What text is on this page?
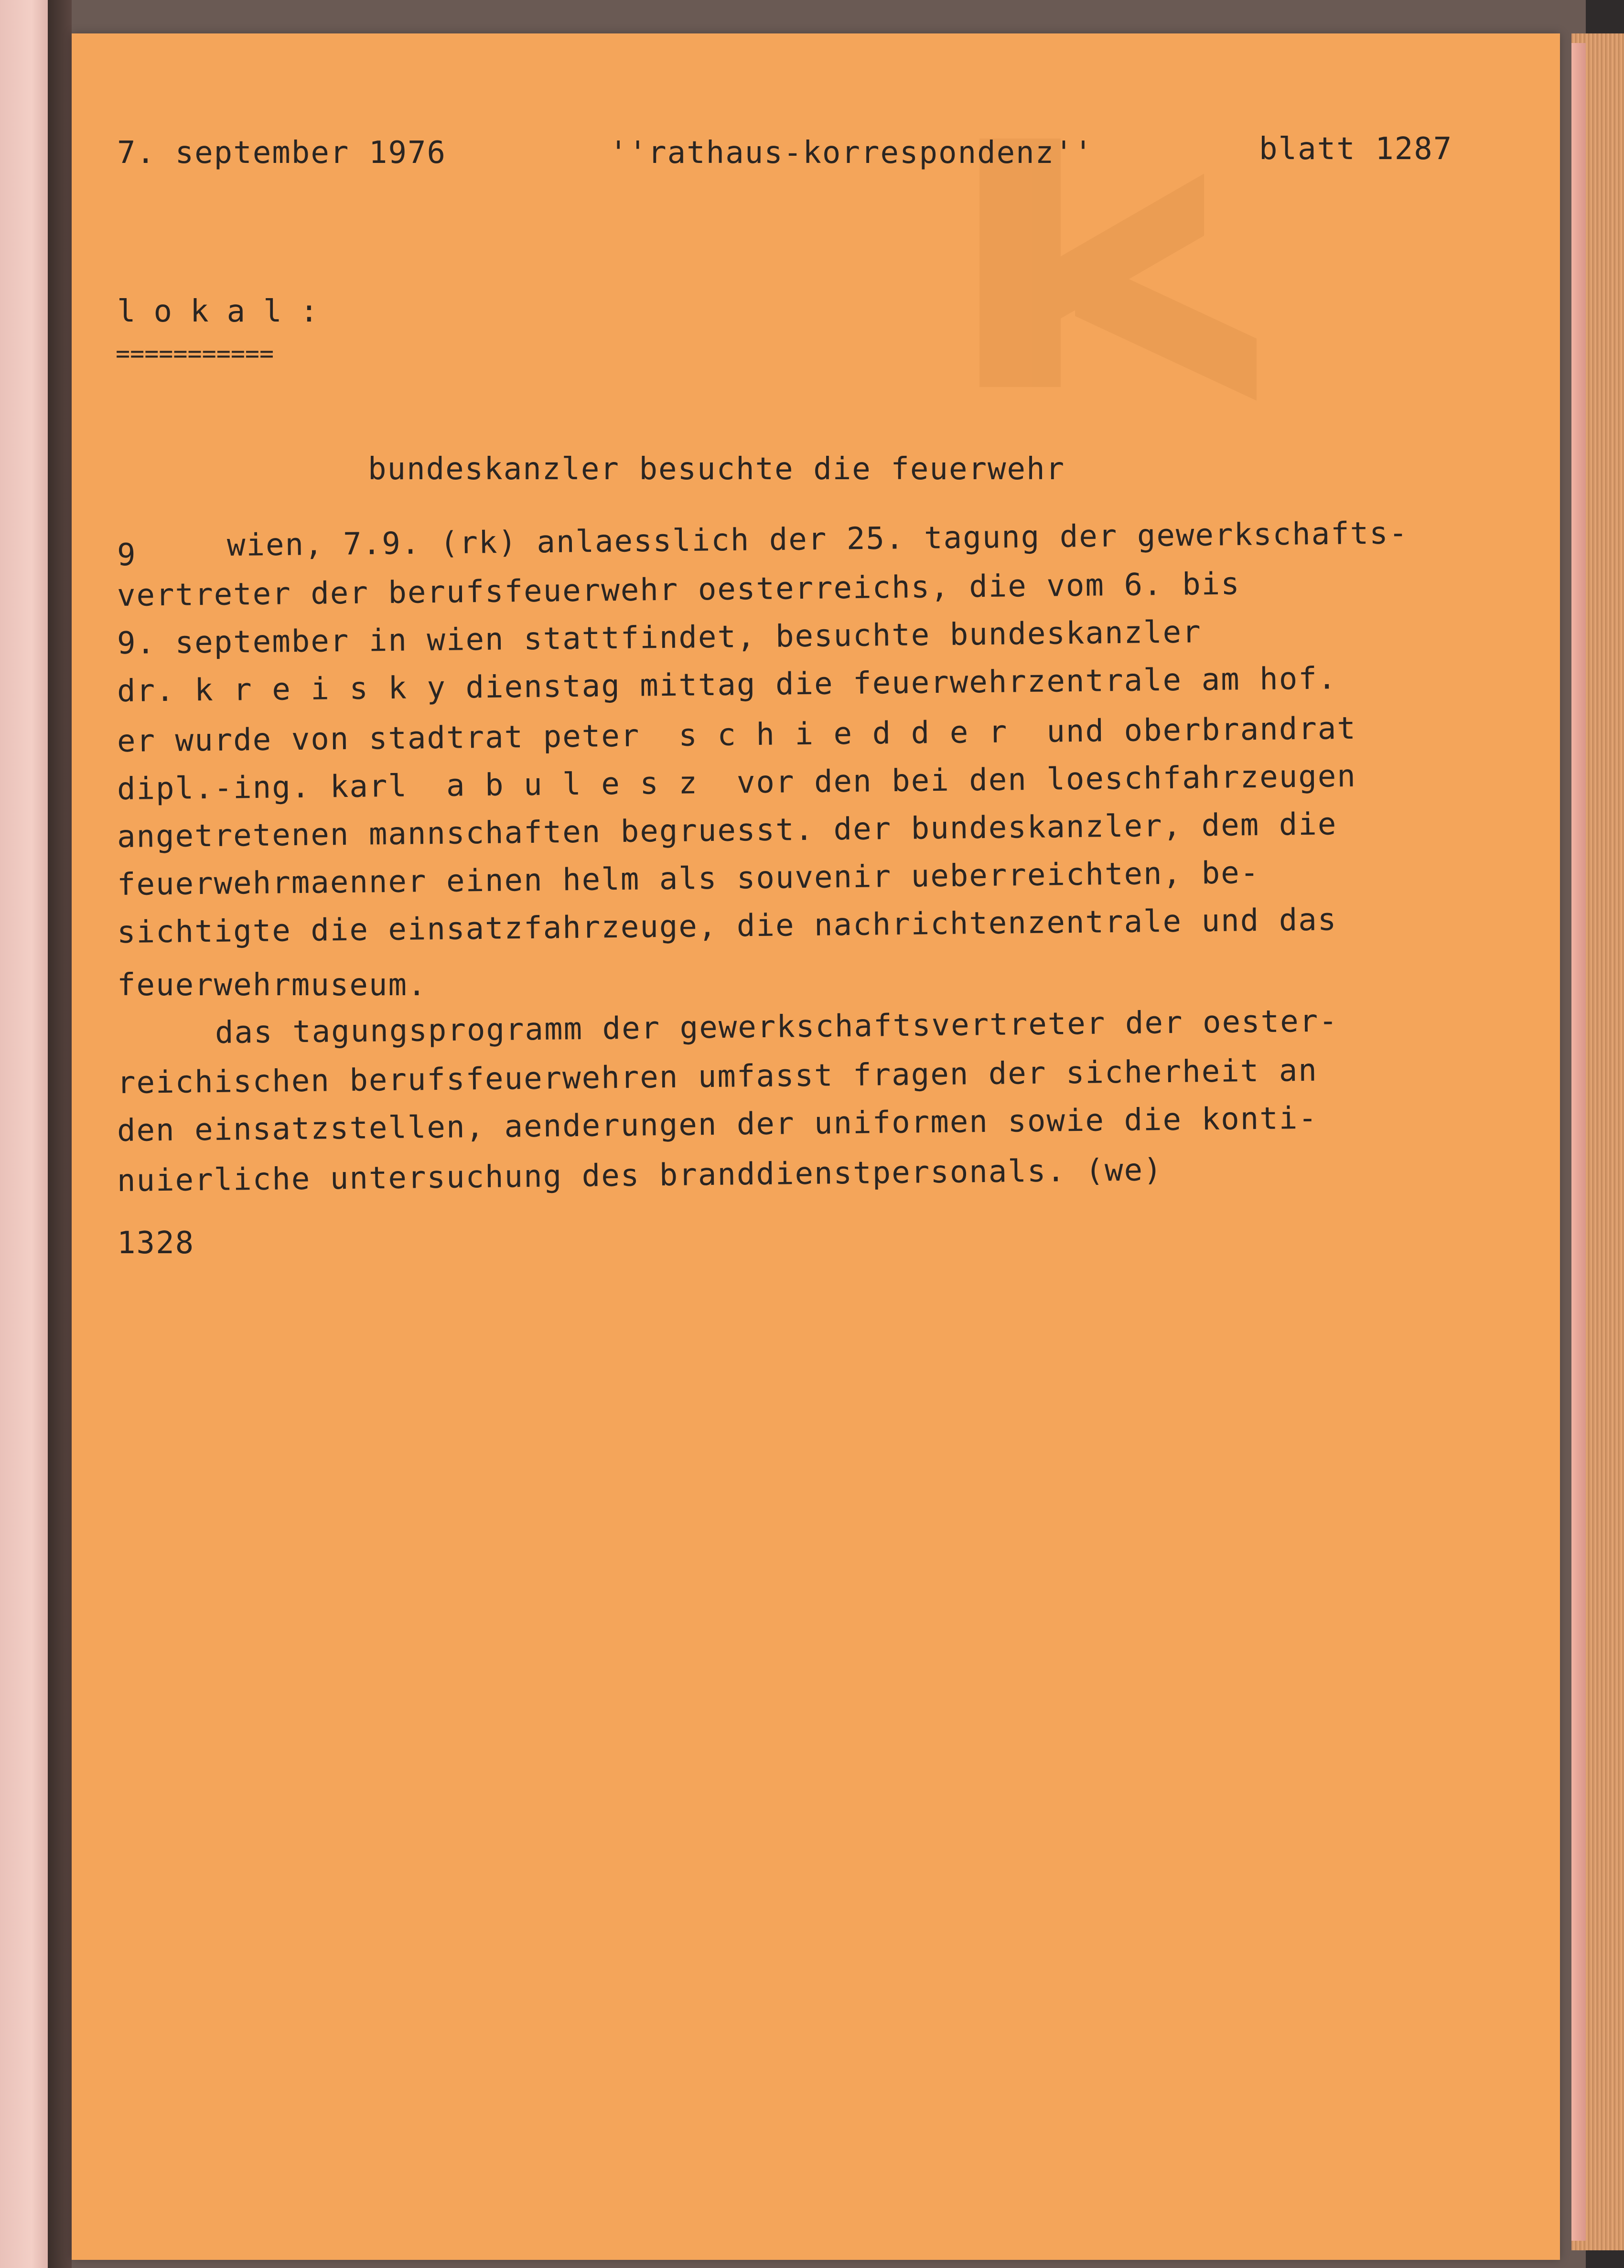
7. september 1976	''rathaus-korrespondenz''	blatt 1287
lokal:
===========
bundeskanzler besuchte die feuerwehr
9	wien, 7.9. (rk) anlaesslich der 25. tagung der gewerkschafts-
vertreter der berufsfeuerwehr oesterreichs, die vom 6. bis
9. september in wien stattfindet, besuchte bundeskanzler
dr. k r e i s k y dienstag mittag die feuerwehrzentrale am hof.
er wurde von stadtrat peter  s c h i e d d e r  und oberbrandrat
dipl.-ing. karl  a b u l e s z  vor den bei den loeschfahrzeugen
angetretenen mannschaften begruesst. der bundeskanzler, dem die
feuerwehrmaenner einen helm als souvenir ueberreichten, be-
sichtigte die einsatzfahrzeuge, die nachrichtenzentrale und das
feuerwehrmuseum.
das tagungsprogramm der gewerkschaftsvertreter der oester-
reichischen berufsfeuerwehren umfasst fragen der sicherheit an
den einsatzstellen, aenderungen der uniformen sowie die konti-
nuierliche untersuchung des branddienstpersonals. (we)
1328
